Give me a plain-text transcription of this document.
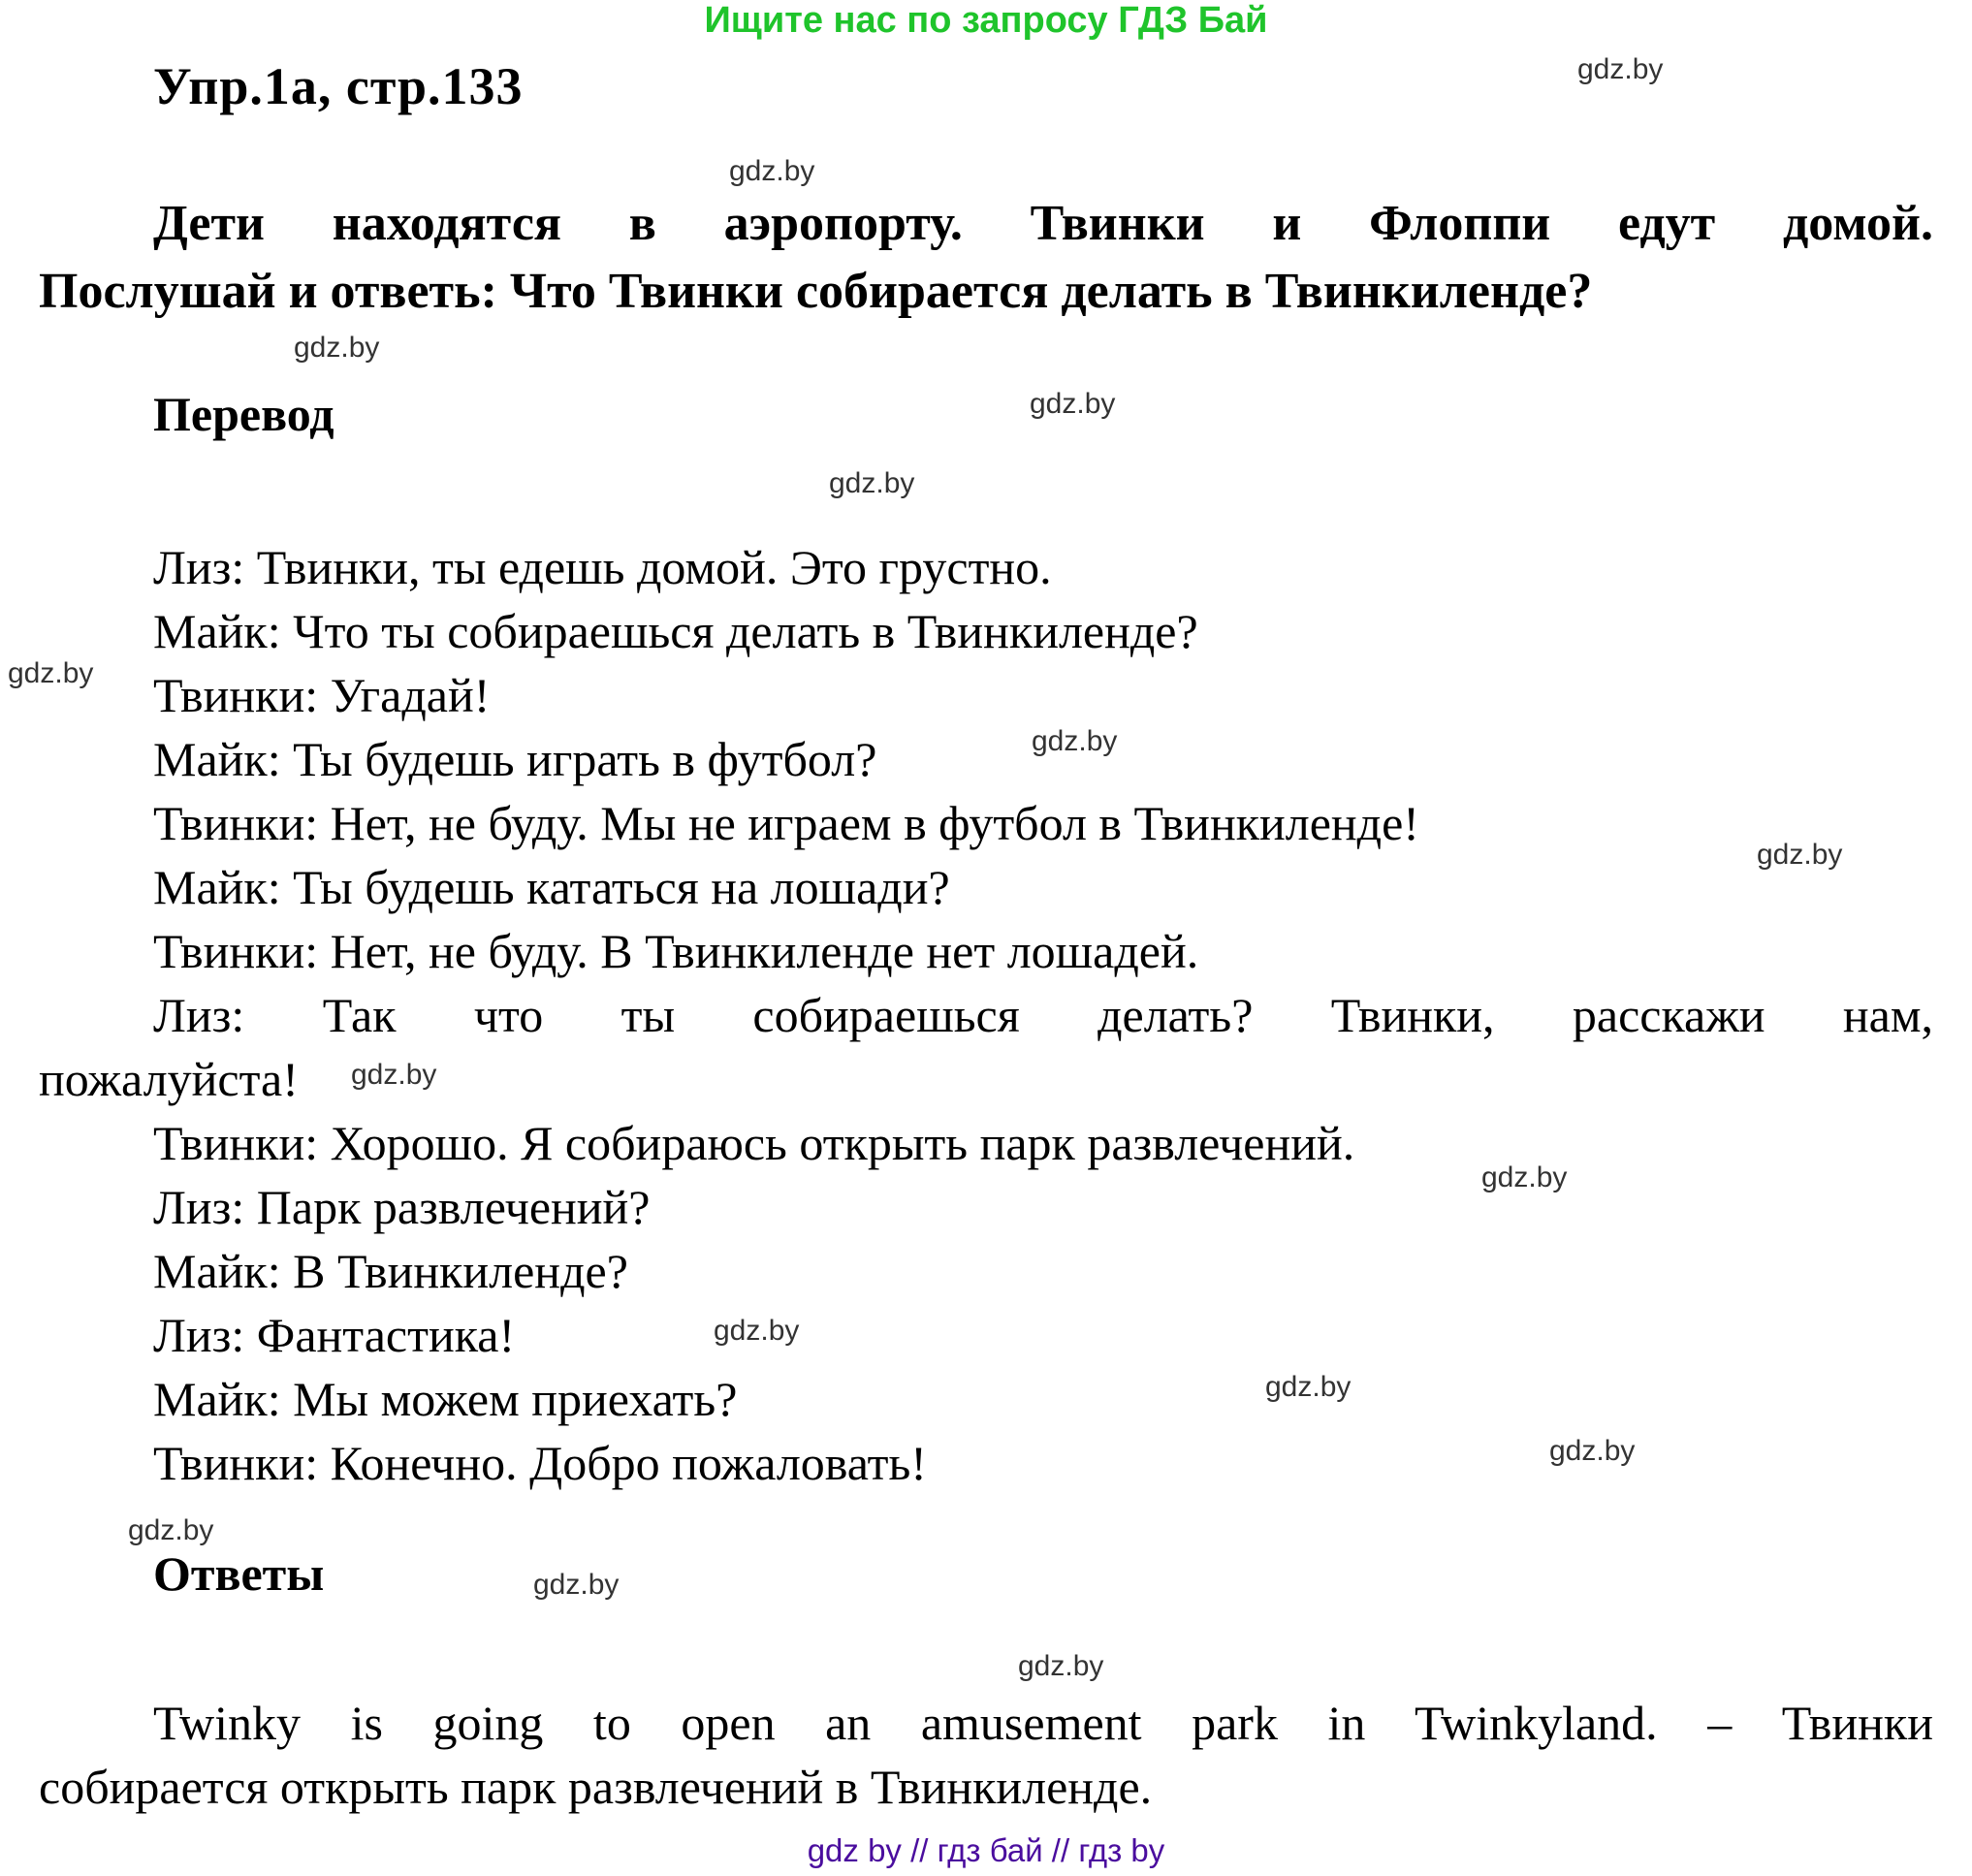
Ищите нас по запросу ГДЗ Бай
Упр.1а, стр.133
Дети находятся в аэропорту. Твинки и Флоппи едут домой.
Послушай и ответь: Что Твинки собирается делать в Твинкиленде?
Перевод
Лиз: Твинки, ты едешь домой. Это грустно.
Майк: Что ты собираешься делать в Твинкиленде?
Твинки: Угадай!
Майк: Ты будешь играть в футбол?
Твинки: Нет, не буду. Мы не играем в футбол в Твинкиленде!
Майк: Ты будешь кататься на лошади?
Твинки: Нет, не буду. В Твинкиленде нет лошадей.
Лиз: Так что ты собираешься делать? Твинки, расскажи нам,
пожалуйста!
Твинки: Хорошо. Я собираюсь открыть парк развлечений.
Лиз: Парк развлечений?
Майк: В Твинкиленде?
Лиз: Фантастика!
Майк: Мы можем приехать?
Твинки: Конечно. Добро пожаловать!
Ответы
Twinky is going to open an amusement park in Twinkyland. – Твинки
собирается открыть парк развлечений в Твинкиленде.
gdz by // гдз бай // гдз by
gdz.by
gdz.by
gdz.by
gdz.by
gdz.by
gdz.by
gdz.by
gdz.by
gdz.by
gdz.by
gdz.by
gdz.by
gdz.by
gdz.by
gdz.by
gdz.by
